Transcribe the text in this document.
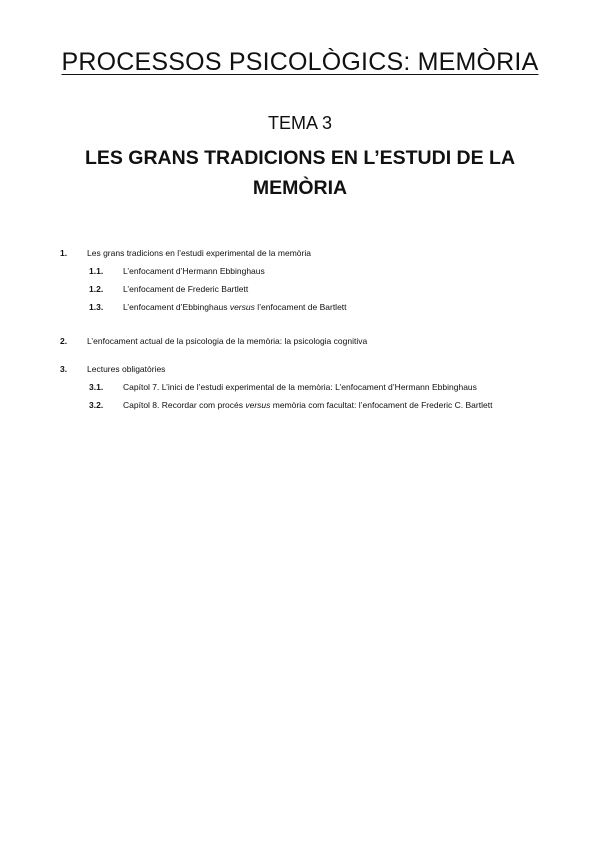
PROCESSOS PSICOLÒGICS: MEMÒRIA
TEMA 3
LES GRANS TRADICIONS EN L’ESTUDI DE LA MEMÒRIA
1. Les grans tradicions en l’estudi experimental de la memòria
1.1. L’enfocament d’Hermann Ebbinghaus
1.2. L’enfocament de Frederic Bartlett
1.3. L’enfocament d’Ebbinghaus versus l’enfocament de Bartlett
2. L’enfocament actual de la psicologia de la memòria: la psicologia cognitiva
3. Lectures obligatòries
3.1. Capítol 7. L’inici de l’estudi experimental de la memòria: L’enfocament d’Hermann Ebbinghaus
3.2. Capítol 8. Recordar com procés versus memòria com facultat: l’enfocament de Frederic C. Bartlett
